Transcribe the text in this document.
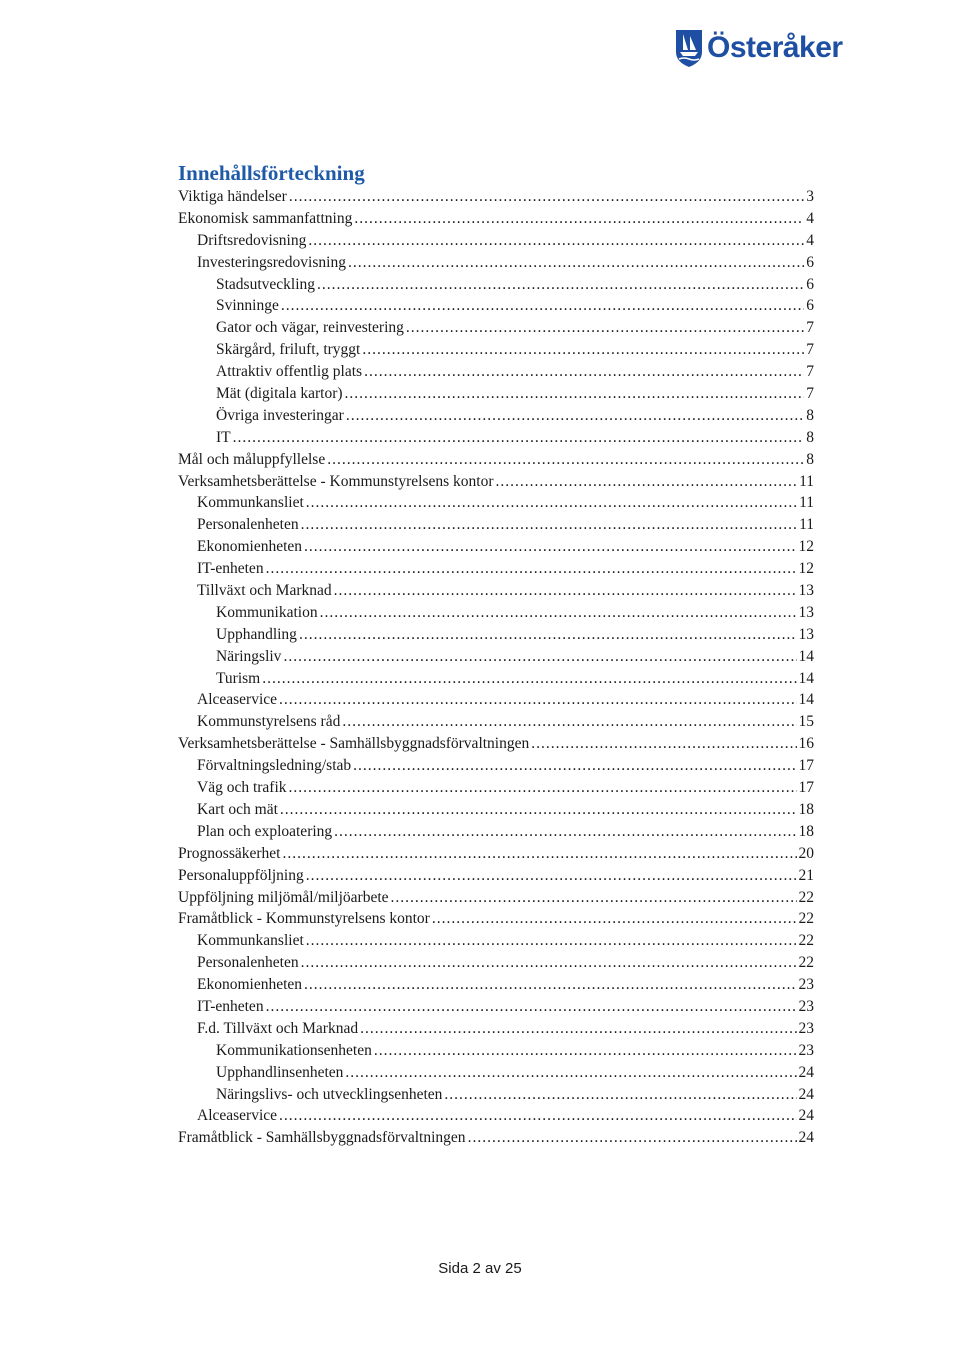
Österåker
Innehållsförteckning
Viktiga händelser .....	3
Ekonomisk sammanfattning .....	4
Driftsredovisning .....	4
Investeringsredovisning .....	6
Stadsutveckling .....	6
Svinninge .....	6
Gator och vägar, reinvestering .....	7
Skärgård, friluft, tryggt .....	7
Attraktiv offentlig plats .....	7
Mät (digitala kartor) .....	7
Övriga investeringar .....	8
IT .....	8
Mål och måluppfyllelse .....	8
Verksamhetsberättelse - Kommunstyrelsens kontor .....	11
Kommunkansliet .....	11
Personalenheten .....	11
Ekonomienheten .....	12
IT-enheten .....	12
Tillväxt och Marknad .....	13
Kommunikation .....	13
Upphandling .....	13
Näringsliv .....	14
Turism .....	14
Alceaservice .....	14
Kommunstyrelsens råd .....	15
Verksamhetsberättelse - Samhällsbyggnadsförvaltningen .....	16
Förvaltningsledning/stab .....	17
Väg och trafik .....	17
Kart och mät .....	18
Plan och exploatering .....	18
Prognossäkerhet .....	20
Personaluppföljning .....	21
Uppföljning miljömål/miljöarbete .....	22
Framåtblick - Kommunstyrelsens kontor .....	22
Kommunkansliet .....	22
Personalenheten .....	22
Ekonomienheten .....	23
IT-enheten .....	23
F.d. Tillväxt och Marknad .....	23
Kommunikationsenheten .....	23
Upphandlinsenheten .....	24
Näringslivs- och utvecklingsenheten .....	24
Alceaservice .....	24
Framåtblick - Samhällsbyggnadsförvaltningen .....	24
Sida 2 av 25
